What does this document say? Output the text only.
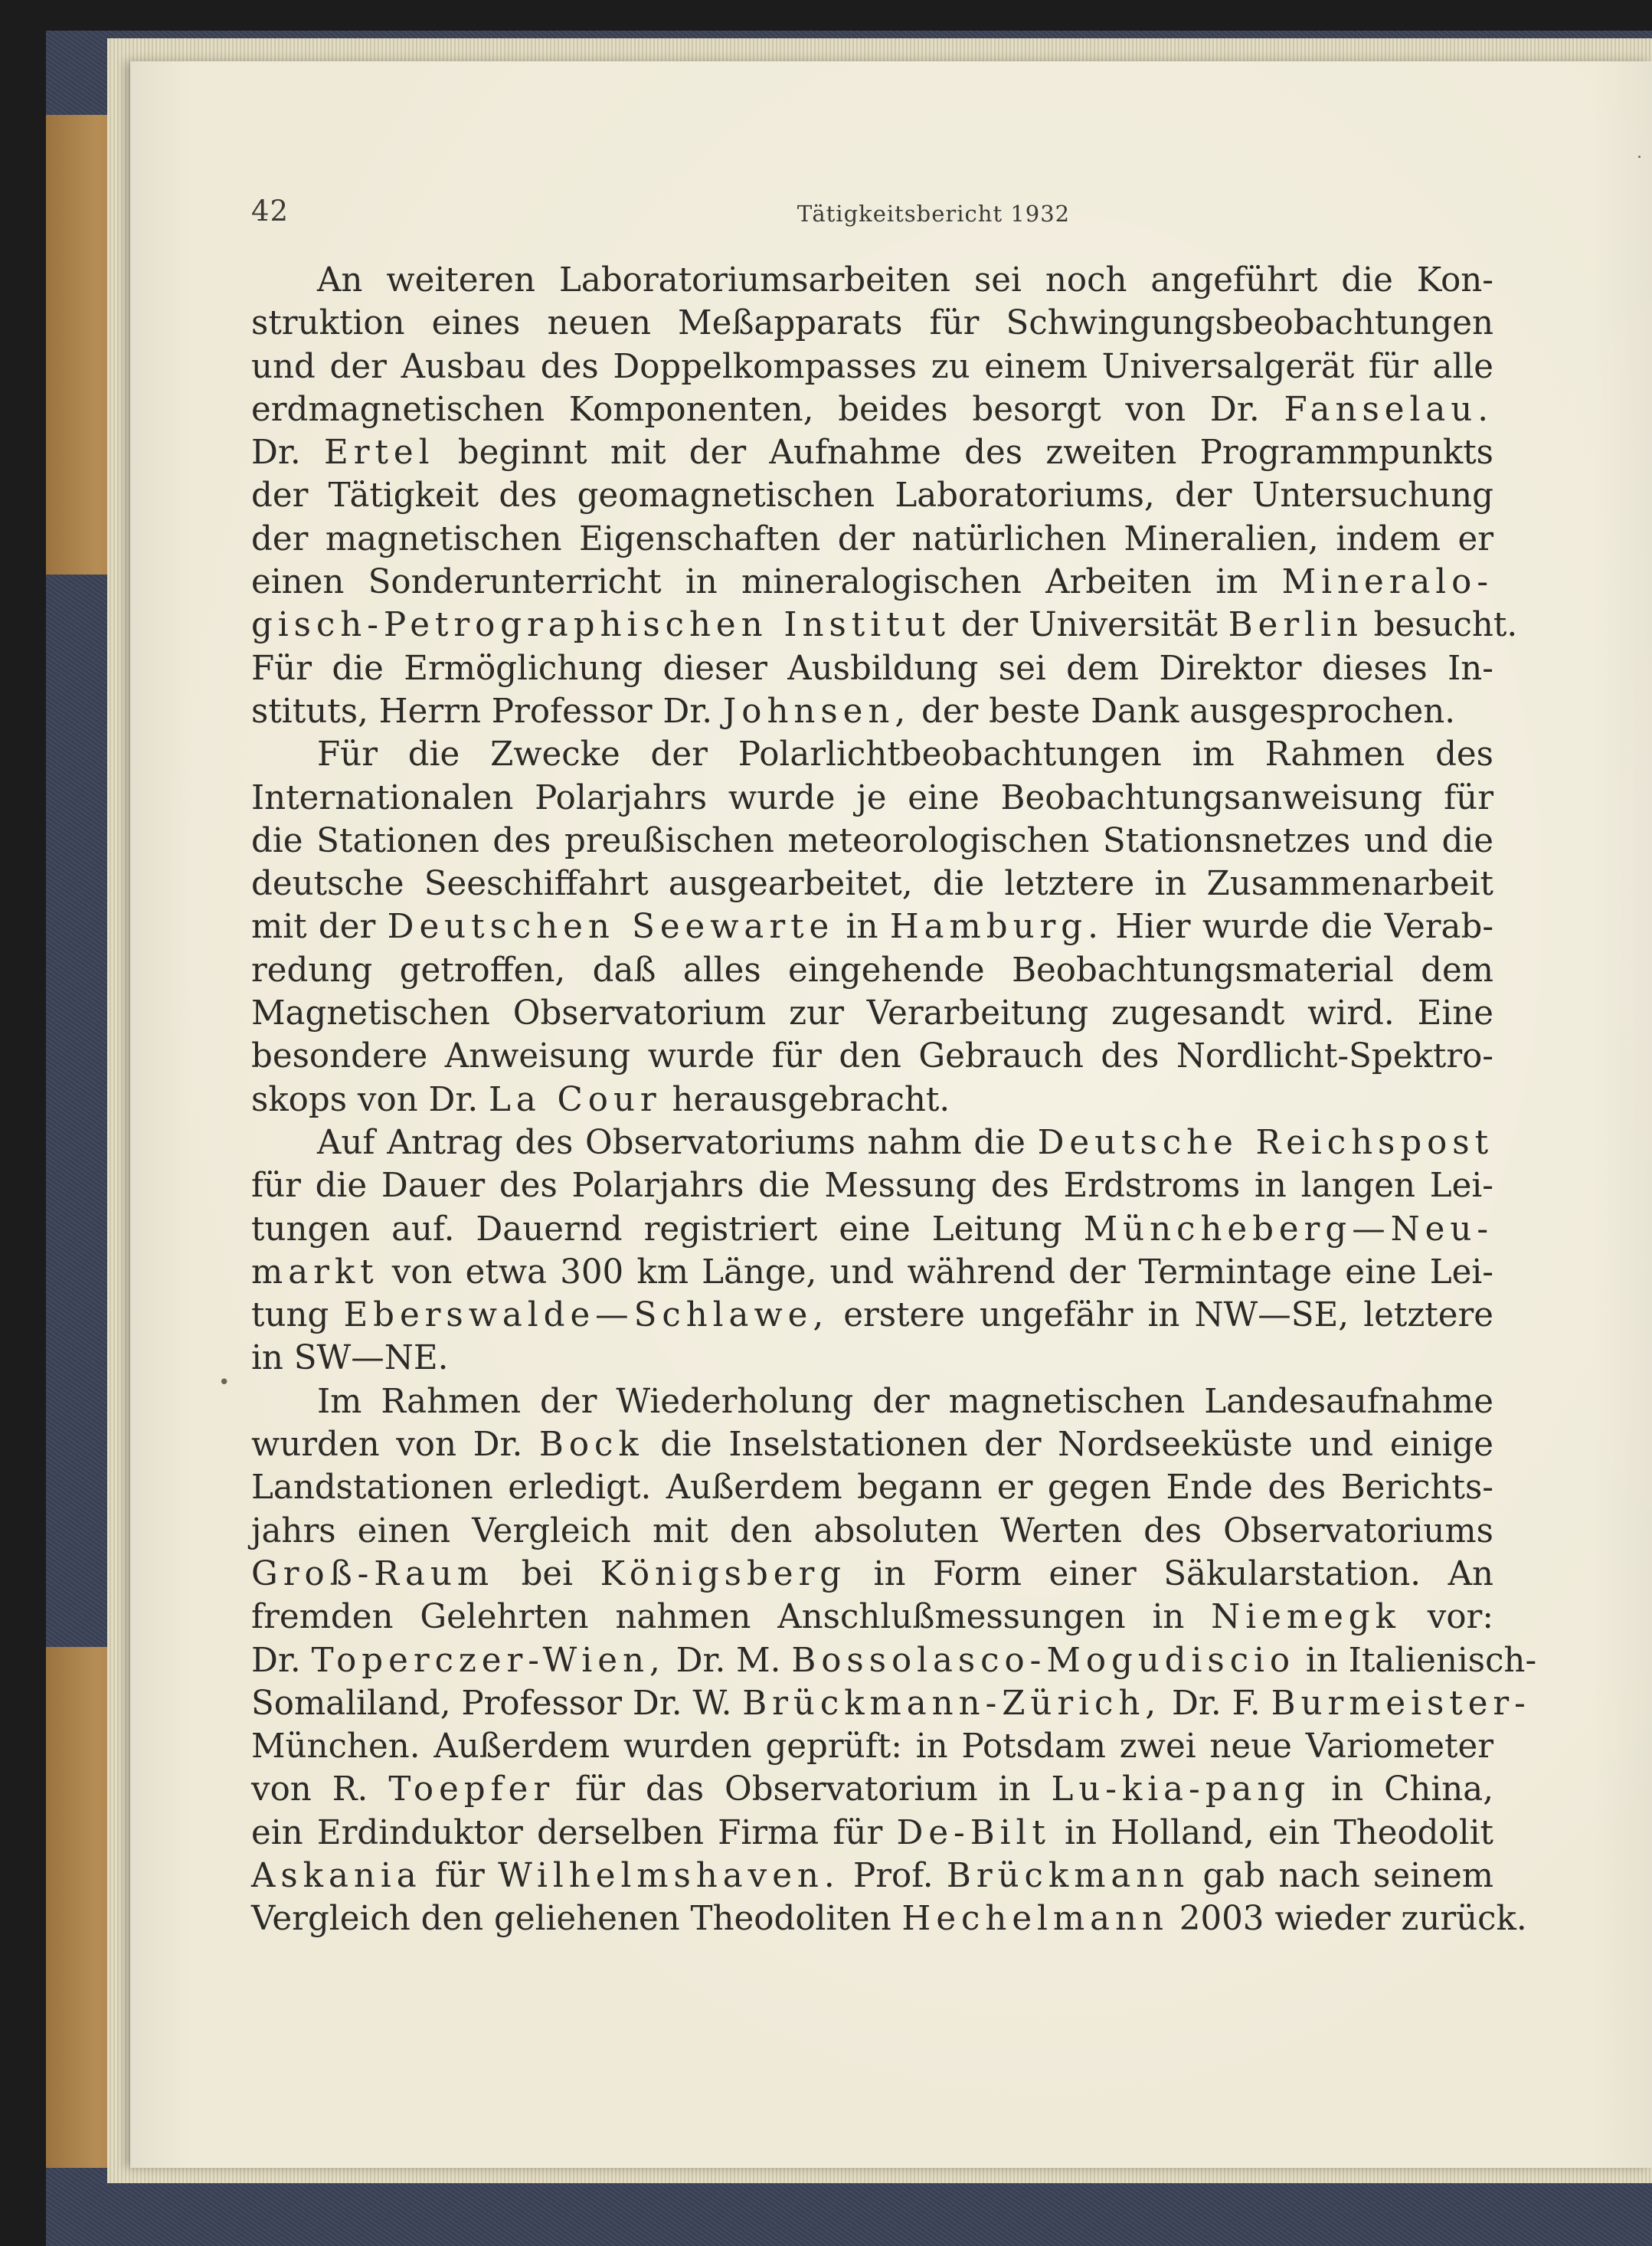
42	Tätigkeitsbericht 1932
An weiteren Laboratoriumsarbeiten sei noch angeführt die Kon-
struktion eines neuen Meßapparats für Schwingungsbeobachtungen
und der Ausbau des Doppelkompasses zu einem Universalgerät für alle
erdmagnetischen Komponenten, beides besorgt von Dr. Fanselau.
Dr. Ertel beginnt mit der Aufnahme des zweiten Programmpunkts
der Tätigkeit des geomagnetischen Laboratoriums, der Untersuchung
der magnetischen Eigenschaften der natürlichen Mineralien, indem er
einen Sonderunterricht in mineralogischen Arbeiten im Mineralo-
gisch-Petrographischen Institut der Universität Berlin besucht.
Für die Ermöglichung dieser Ausbildung sei dem Direktor dieses In-
stituts, Herrn Professor Dr. Johnsen, der beste Dank ausgesprochen.
Für die Zwecke der Polarlichtbeobachtungen im Rahmen des
Internationalen Polarjahrs wurde je eine Beobachtungsanweisung für
die Stationen des preußischen meteorologischen Stationsnetzes und die
deutsche Seeschiffahrt ausgearbeitet, die letztere in Zusammenarbeit
mit der Deutschen Seewarte in Hamburg. Hier wurde die Verab-
redung getroffen, daß alles eingehende Beobachtungsmaterial dem
Magnetischen Observatorium zur Verarbeitung zugesandt wird. Eine
besondere Anweisung wurde für den Gebrauch des Nordlicht-Spektro-
skops von Dr. La Cour herausgebracht.
Auf Antrag des Observatoriums nahm die Deutsche Reichspost
für die Dauer des Polarjahrs die Messung des Erdstroms in langen Lei-
tungen auf. Dauernd registriert eine Leitung Müncheberg—Neu-
markt von etwa 300 km Länge, und während der Termintage eine Lei-
tung Eberswalde—Schlawe, erstere ungefähr in NW—SE, letztere
in SW—NE.
Im Rahmen der Wiederholung der magnetischen Landesaufnahme
wurden von Dr. Bock die Inselstationen der Nordseeküste und einige
Landstationen erledigt. Außerdem begann er gegen Ende des Berichts-
jahrs einen Vergleich mit den absoluten Werten des Observatoriums
Groß-Raum bei Königsberg in Form einer Säkularstation. An
fremden Gelehrten nahmen Anschlußmessungen in Niemegk vor:
Dr. Toperczer-Wien, Dr. M. Bossolasco-Mogudiscio in Italienisch-
Somaliland, Professor Dr. W. Brückmann-Zürich, Dr. F. Burmeister-
München. Außerdem wurden geprüft: in Potsdam zwei neue Variometer
von R. Toepfer für das Observatorium in Lu-kia-pang in China,
ein Erdinduktor derselben Firma für De-Bilt in Holland, ein Theodolit
Askania für Wilhelmshaven. Prof. Brückmann gab nach seinem
Vergleich den geliehenen Theodoliten Hechelmann 2003 wieder zurück.
˙
•
